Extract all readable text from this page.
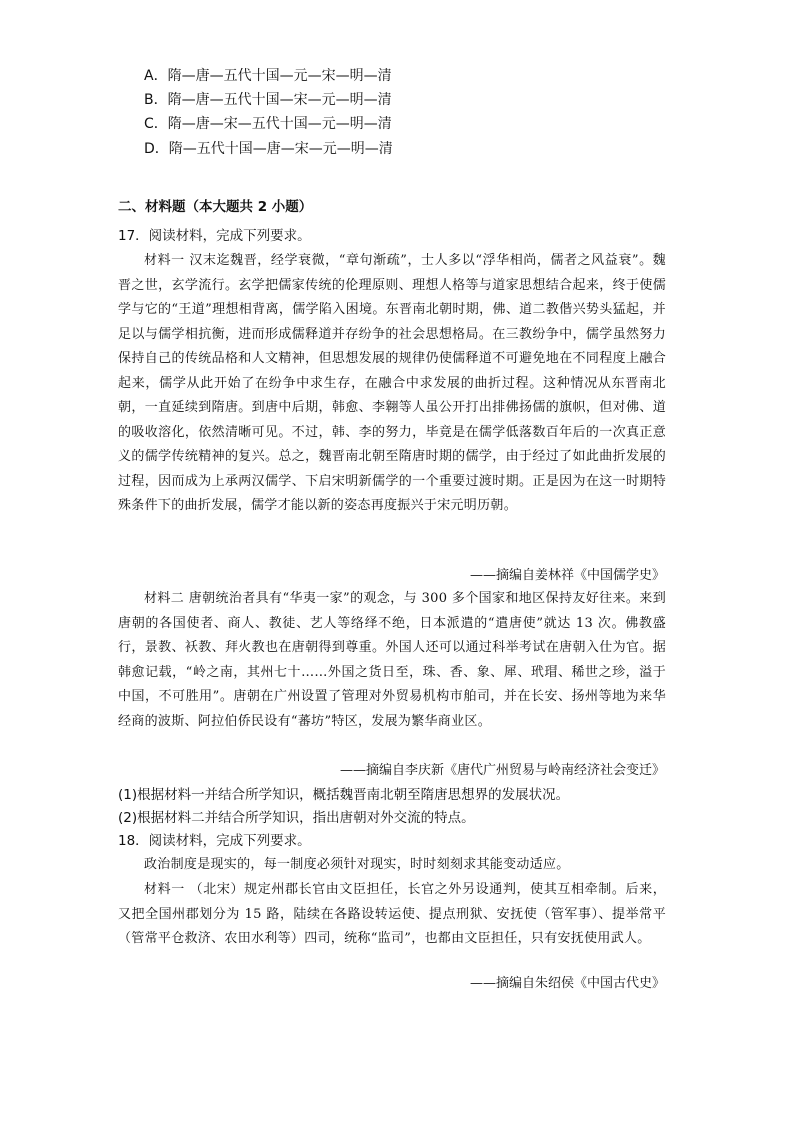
A．隋—唐—五代十国—元—宋—明—清
B．隋—唐—五代十国—宋—元—明—清
C．隋—唐—宋—五代十国—元—明—清
D．隋—五代十国—唐—宋—元—明—清
二、材料题（本大题共 2 小题）
17．阅读材料，完成下列要求。
材料一 汉末迄魏晋，经学衰微，“章句渐疏”，士人多以“浮华相尚，儒者之风益衰”。魏晋之世，玄学流行。玄学把儒家传统的伦理原则、理想人格等与道家思想结合起来，终于使儒学与它的“王道”理想相背离，儒学陷入困境。东晋南北朝时期，佛、道二教偕兴势头猛起，并足以与儒学相抗衡，进而形成儒释道并存纷争的社会思想格局。在三教纷争中，儒学虽然努力保持自己的传统品格和人文精神，但思想发展的规律仍使儒释道不可避免地在不同程度上融合起来，儒学从此开始了在纷争中求生存，在融合中求发展的曲折过程。这种情况从东晋南北朝，一直延续到隋唐。到唐中后期，韩愈、李翱等人虽公开打出排佛扬儒的旗帜，但对佛、道的吸收溶化，依然清晰可见。不过，韩、李的努力，毕竟是在儒学低落数百年后的一次真正意义的儒学传统精神的复兴。总之，魏晋南北朝至隋唐时期的儒学，由于经过了如此曲折发展的过程，因而成为上承两汉儒学、下启宋明新儒学的一个重要过渡时期。正是因为在这一时期特殊条件下的曲折发展，儒学才能以新的姿态再度振兴于宋元明历朝。
——摘编自姜林祥《中国儒学史》
材料二 唐朝统治者具有“华夷一家”的观念，与 300 多个国家和地区保持友好往来。来到唐朝的各国使者、商人、教徒、艺人等络绎不绝，日本派遣的“遣唐使”就达 13 次。佛教盛行，景教、袄教、拜火教也在唐朝得到尊重。外国人还可以通过科举考试在唐朝入仕为官。据韩愈记载，“岭之南，其州七十……外国之货日至，珠、香、象、犀、玳瑁、稀世之珍，溢于中国，不可胜用”。唐朝在广州设置了管理对外贸易机构市舶司，并在长安、扬州等地为来华经商的波斯、阿拉伯侨民设有“蕃坊”特区，发展为繁华商业区。
——摘编自李庆新《唐代广州贸易与岭南经济社会变迁》
(1)根据材料一并结合所学知识，概括魏晋南北朝至隋唐思想界的发展状况。
(2)根据材料二并结合所学知识，指出唐朝对外交流的特点。
18．阅读材料，完成下列要求。
政治制度是现实的，每一制度必须针对现实，时时刻刻求其能变动适应。
材料一 （北宋）规定州郡长官由文臣担任，长官之外另设通判，使其互相牵制。后来，又把全国州郡划分为 15 路，陆续在各路设转运使、提点刑狱、安抚使（管军事）、提举常平（管常平仓救济、农田水利等）四司，统称“监司”，也都由文臣担任，只有安抚使用武人。
——摘编自朱绍侯《中国古代史》
